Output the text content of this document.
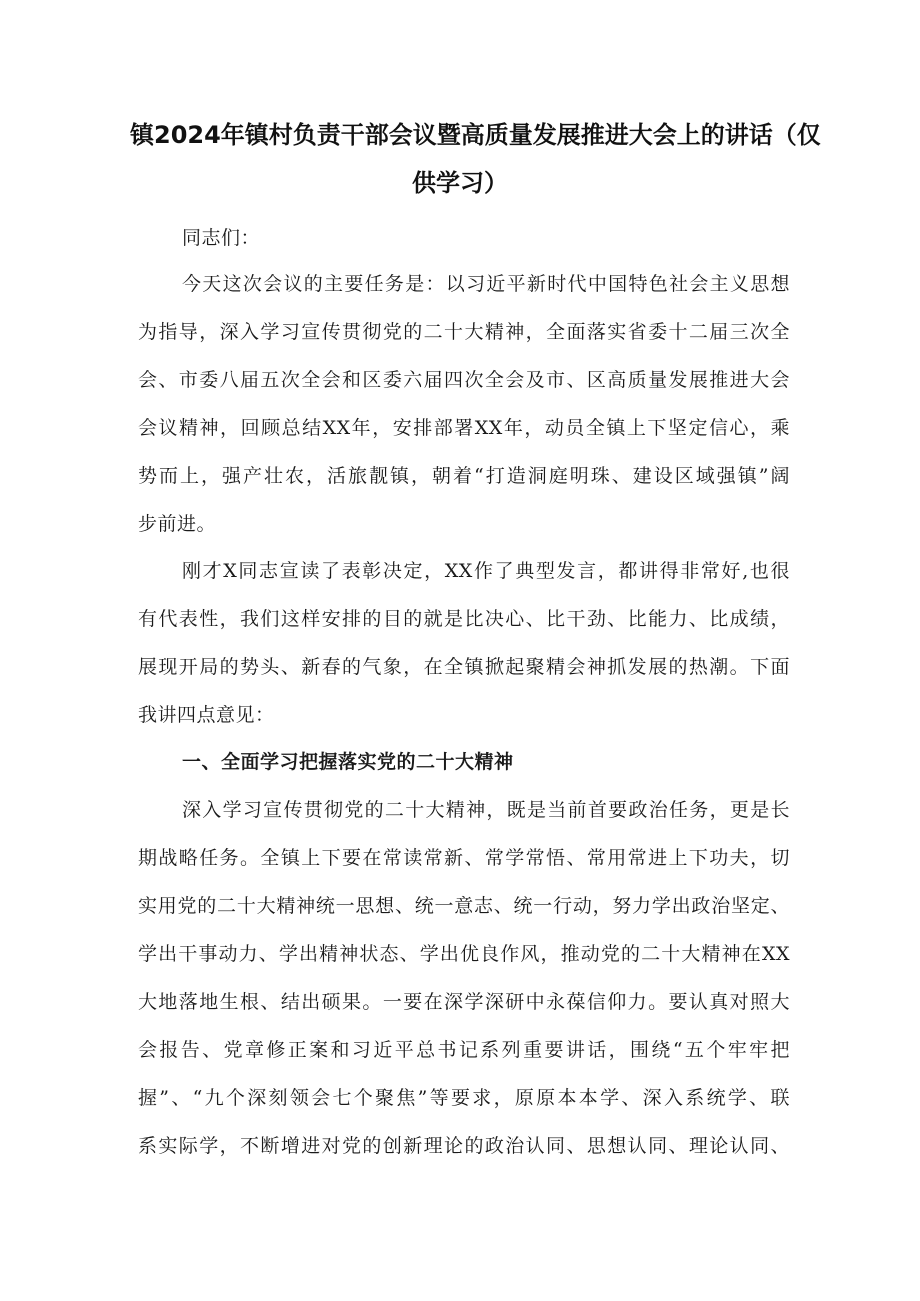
镇2024年镇村负责干部会议暨高质量发展推进大会上的讲话（仅
供学习）
同志们：
今天这次会议的主要任务是：以习近平新时代中国特色社会主义思想
为指导，深入学习宣传贯彻党的二十大精神，全面落实省委十二届三次全
会、市委八届五次全会和区委六届四次全会及市、区高质量发展推进大会
会议精神，回顾总结XX年，安排部署XX年，动员全镇上下坚定信心，乘
势而上，强产壮农，活旅靓镇，朝着“打造洞庭明珠、建设区域强镇”阔
步前进。
刚才X同志宣读了表彰决定，XX作了典型发言，都讲得非常好,也很
有代表性，我们这样安排的目的就是比决心、比干劲、比能力、比成绩，
展现开局的势头、新春的气象，在全镇掀起聚精会神抓发展的热潮。下面
我讲四点意见：
一、全面学习把握落实党的二十大精神
深入学习宣传贯彻党的二十大精神，既是当前首要政治任务，更是长
期战略任务。全镇上下要在常读常新、常学常悟、常用常进上下功夫，切
实用党的二十大精神统一思想、统一意志、统一行动，努力学出政治坚定、
学出干事动力、学出精神状态、学出优良作风，推动党的二十大精神在XX
大地落地生根、结出硕果。一要在深学深研中永葆信仰力。要认真对照大
会报告、党章修正案和习近平总书记系列重要讲话，围绕“五个牢牢把
握”、“九个深刻领会七个聚焦”等要求，原原本本学、深入系统学、联
系实际学，不断增进对党的创新理论的政治认同、思想认同、理论认同、
